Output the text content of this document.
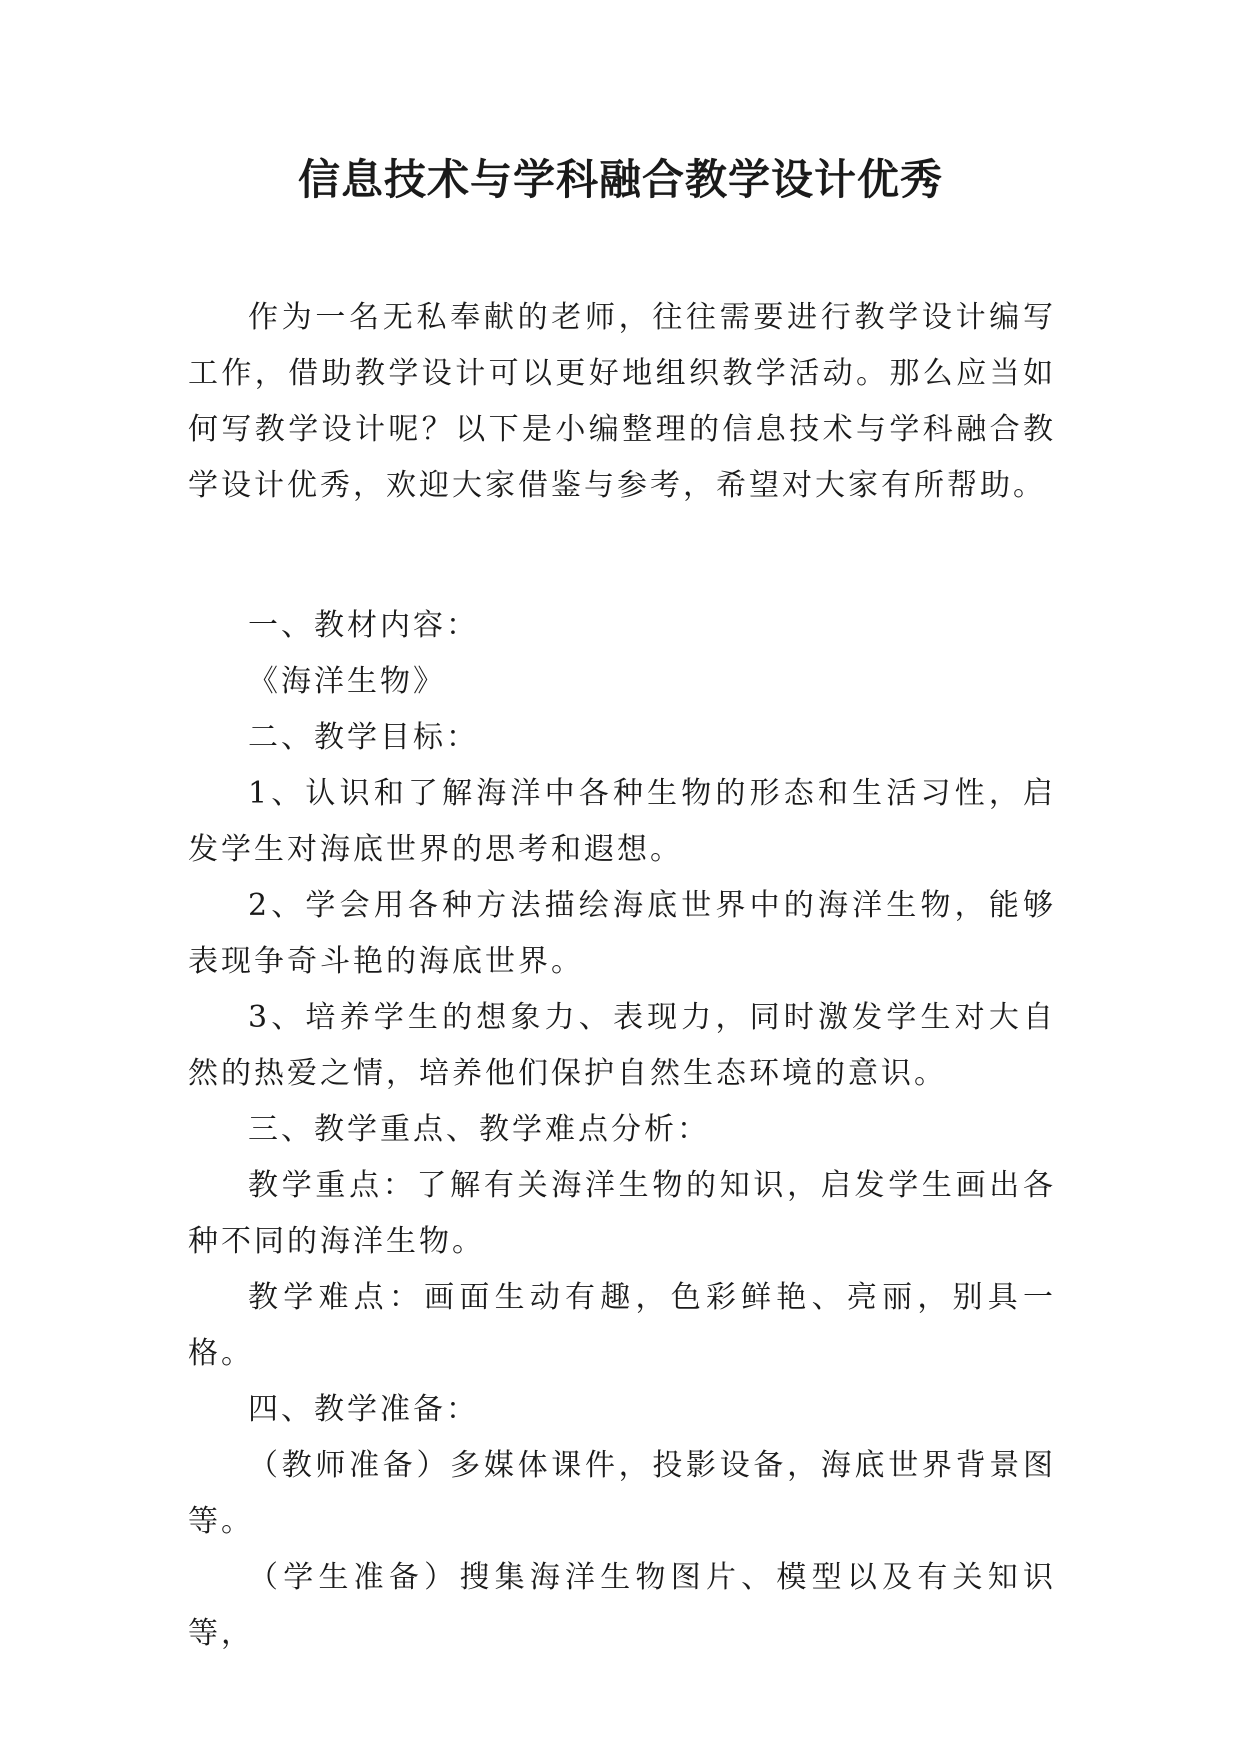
信息技术与学科融合教学设计优秀

作为一名无私奉献的老师，往往需要进行教学设计编写工作，借助教学设计可以更好地组织教学活动。那么应当如何写教学设计呢？以下是小编整理的信息技术与学科融合教学设计优秀，欢迎大家借鉴与参考，希望对大家有所帮助。

一、教材内容：

《海洋生物》

二、教学目标：

1、认识和了解海洋中各种生物的形态和生活习性，启发学生对海底世界的思考和遐想。

2、学会用各种方法描绘海底世界中的海洋生物，能够表现争奇斗艳的海底世界。

3、培养学生的想象力、表现力，同时激发学生对大自然的热爱之情，培养他们保护自然生态环境的意识。

三、教学重点、教学难点分析：

教学重点：了解有关海洋生物的知识，启发学生画出各种不同的海洋生物。

教学难点：画面生动有趣，色彩鲜艳、亮丽，别具一格。

四、教学准备：

（教师准备）多媒体课件，投影设备，海底世界背景图等。

（学生准备）搜集海洋生物图片、模型以及有关知识等，
